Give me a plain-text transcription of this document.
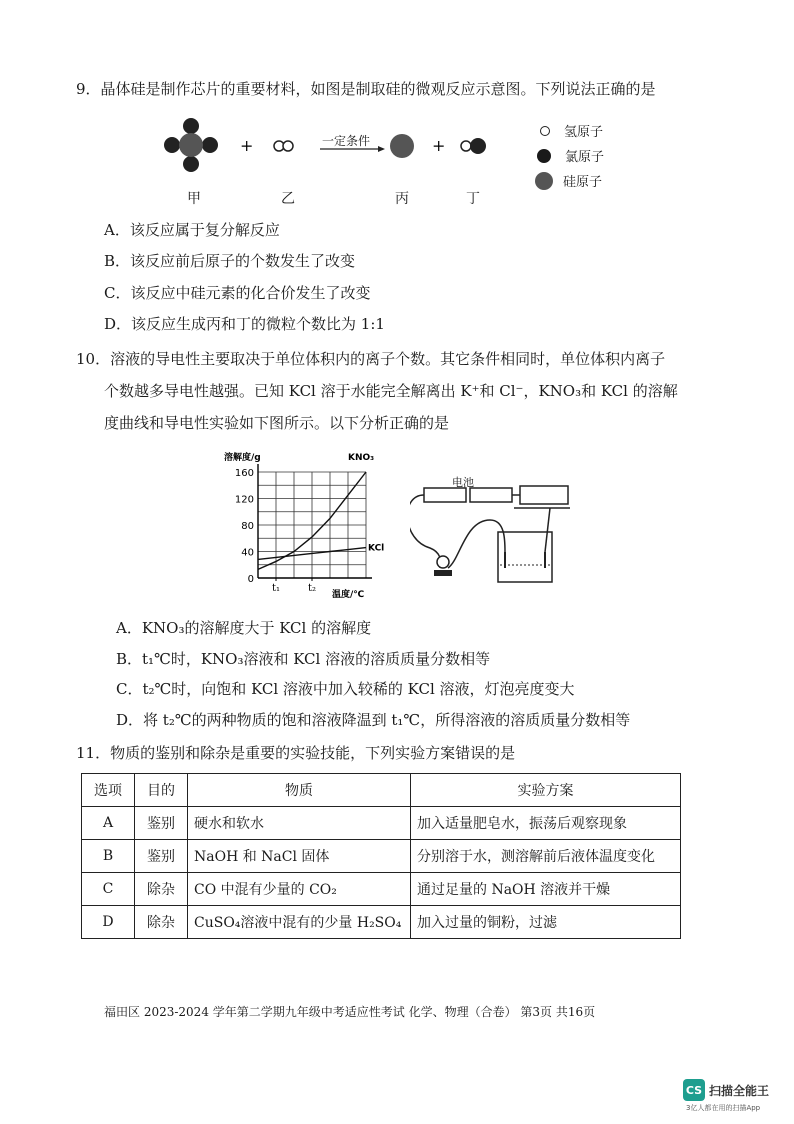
9．晶体硅是制作芯片的重要材料，如图是制取硅的微观反应示意图。下列说法正确的是
+	+
一定条件
甲	乙	丙	丁
氢原子
氯原子
硅原子
A．该反应属于复分解反应
B．该反应前后原子的个数发生了改变
C．该反应中硅元素的化合价发生了改变
D．该反应生成丙和丁的微粒个数比为 1:1
10．溶液的导电性主要取决于单位体积内的离子个数。其它条件相同时，单位体积内离子
个数越多导电性越强。已知 KCl 溶于水能完全解离出 K⁺和 Cl⁻，KNO₃和 KCl 的溶解
度曲线和导电性实验如下图所示。以下分析正确的是
0
40
80
120
160
t₁	t₂
KNO₃
KCl
溶解度/g
温度/℃
电池
A．KNO₃的溶解度大于 KCl 的溶解度
B．t₁℃时，KNO₃溶液和 KCl 溶液的溶质质量分数相等
C．t₂℃时，向饱和 KCl 溶液中加入较稀的 KCl 溶液，灯泡亮度变大
D．将 t₂℃的两种物质的饱和溶液降温到 t₁℃，所得溶液的溶质质量分数相等
11．物质的鉴别和除杂是重要的实验技能，下列实验方案错误的是
选项	目的	物质	实验方案
A	鉴别	硬水和软水	加入适量肥皂水，振荡后观察现象
B	鉴别	NaOH 和 NaCl 固体	分别溶于水，测溶解前后液体温度变化
C	除杂	CO 中混有少量的 CO₂	通过足量的 NaOH 溶液并干燥
D	除杂	CuSO₄溶液中混有的少量 H₂SO₄	加入过量的铜粉，过滤
福田区 2023-2024 学年第二学期九年级中考适应性考试 化学、物理（合卷） 第3页 共16页
CS 扫描全能王
3亿人都在用的扫描App
